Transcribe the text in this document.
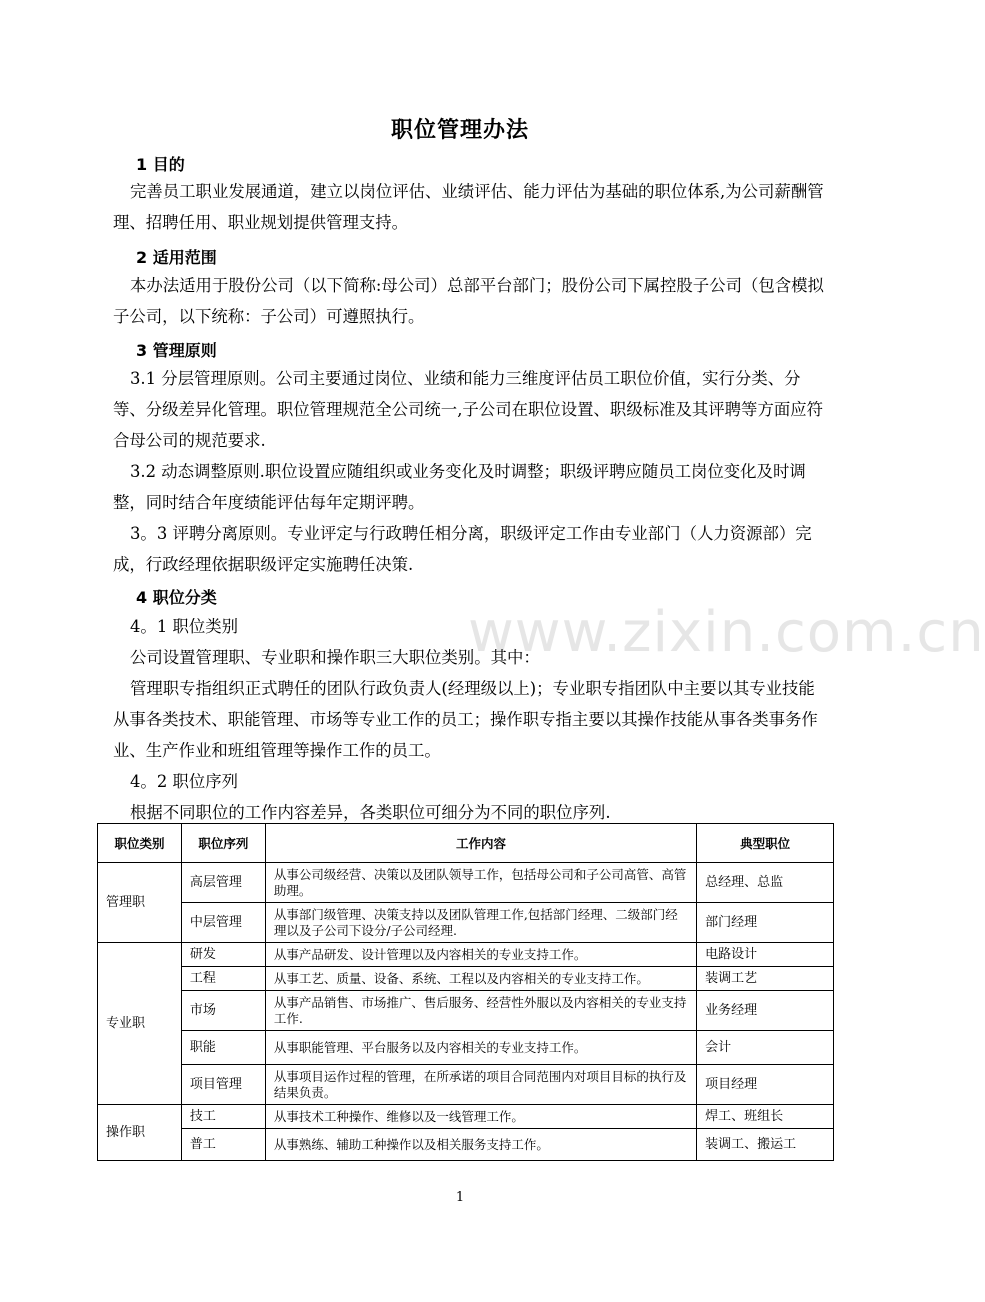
www.zixin.com.cn
职位管理办法
1 目的

完善员工职业发展通道，建立以岗位评估、业绩评估、能力评估为基础的职位体系,为公司薪酬管理、招聘任用、职业规划提供管理支持。

2 适用范围

本办法适用于股份公司（以下简称:母公司）总部平台部门；股份公司下属控股子公司（包含模拟子公司，以下统称：子公司）可遵照执行。

3 管理原则

3.1 分层管理原则。公司主要通过岗位、业绩和能力三维度评估员工职位价值，实行分类、分等、分级差异化管理。职位管理规范全公司统一,子公司在职位设置、职级标准及其评聘等方面应符合母公司的规范要求.

3.2 动态调整原则.职位设置应随组织或业务变化及时调整；职级评聘应随员工岗位变化及时调整，同时结合年度绩能评估每年定期评聘。

3。3 评聘分离原则。专业评定与行政聘任相分离，职级评定工作由专业部门（人力资源部）完成，行政经理依据职级评定实施聘任决策.

4 职位分类

4。1 职位类别

公司设置管理职、专业职和操作职三大职位类别。其中：

管理职专指组织正式聘任的团队行政负责人(经理级以上)；专业职专指团队中主要以其专业技能从事各类技术、职能管理、市场等专业工作的员工；操作职专指主要以其操作技能从事各类事务作业、生产作业和班组管理等操作工作的员工。

4。2 职位序列

根据不同职位的工作内容差异，各类职位可细分为不同的职位序列.

职位类别	职位序列	工作内容	典型职位
管理职	高层管理	从事公司级经营、决策以及团队领导工作，包括母公司和子公司高管、高管助理。	总经理、总监
	中层管理	从事部门级管理、决策支持以及团队管理工作,包括部门经理、二级部门经理以及子公司下设分/子公司经理.	部门经理
专业职	研发	从事产品研发、设计管理以及内容相关的专业支持工作。	电路设计
	工程	从事工艺、质量、设备、系统、工程以及内容相关的专业支持工作。	装调工艺
	市场	从事产品销售、市场推广、售后服务、经营性外服以及内容相关的专业支持工作.	业务经理
	职能	从事职能管理、平台服务以及内容相关的专业支持工作。	会计
	项目管理	从事项目运作过程的管理，在所承诺的项目合同范围内对项目目标的执行及结果负责。	项目经理
操作职	技工	从事技术工种操作、维修以及一线管理工作。	焊工、班组长
	普工	从事熟练、辅助工种操作以及相关服务支持工作。	装调工、搬运工
1
